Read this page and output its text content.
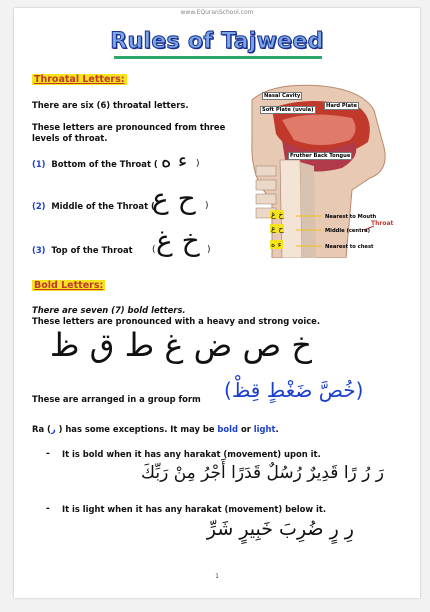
www.EQuranSchool.com
Rules of Tajweed
Throatal Letters:
There are six (6) throatal letters.
These letters are pronounced from three
levels of throat.
(1) Bottom of the Throat ( ء ه )
(2) Middle of the Throat (
ح ع )
(3) Top of the Throat ( خ غ )
Nasal Cavity
Hard Plate
Soft Plate (uvula)
Fruther Back Tongue
Throat
Nearest to Mouth
Middle (centra)
Nearest to chest
خ غ
ح ع
ء ه
Bold Letters:
There are seven (7) bold letters.
These letters are pronounced with a heavy and strong voice.
خ ص ض غ ط ق ظ
These are arranged in a group form	(خُصَّ ضَغْطٍ قِظْ)
Ra (ر ) has some exceptions. It may be bold or light.
- It is bold when it has any harakat (movement) upon it.
رَ رُ رًا قَدِيرٌ رُسُلٌ قَدَرًا أَجْرُ مِنْ رَبِّكَ
- It is light when it has any harakat (movement) below it.
رِ رٍ ضُرِبَ خَبِيرٍ شَرِّ
1
